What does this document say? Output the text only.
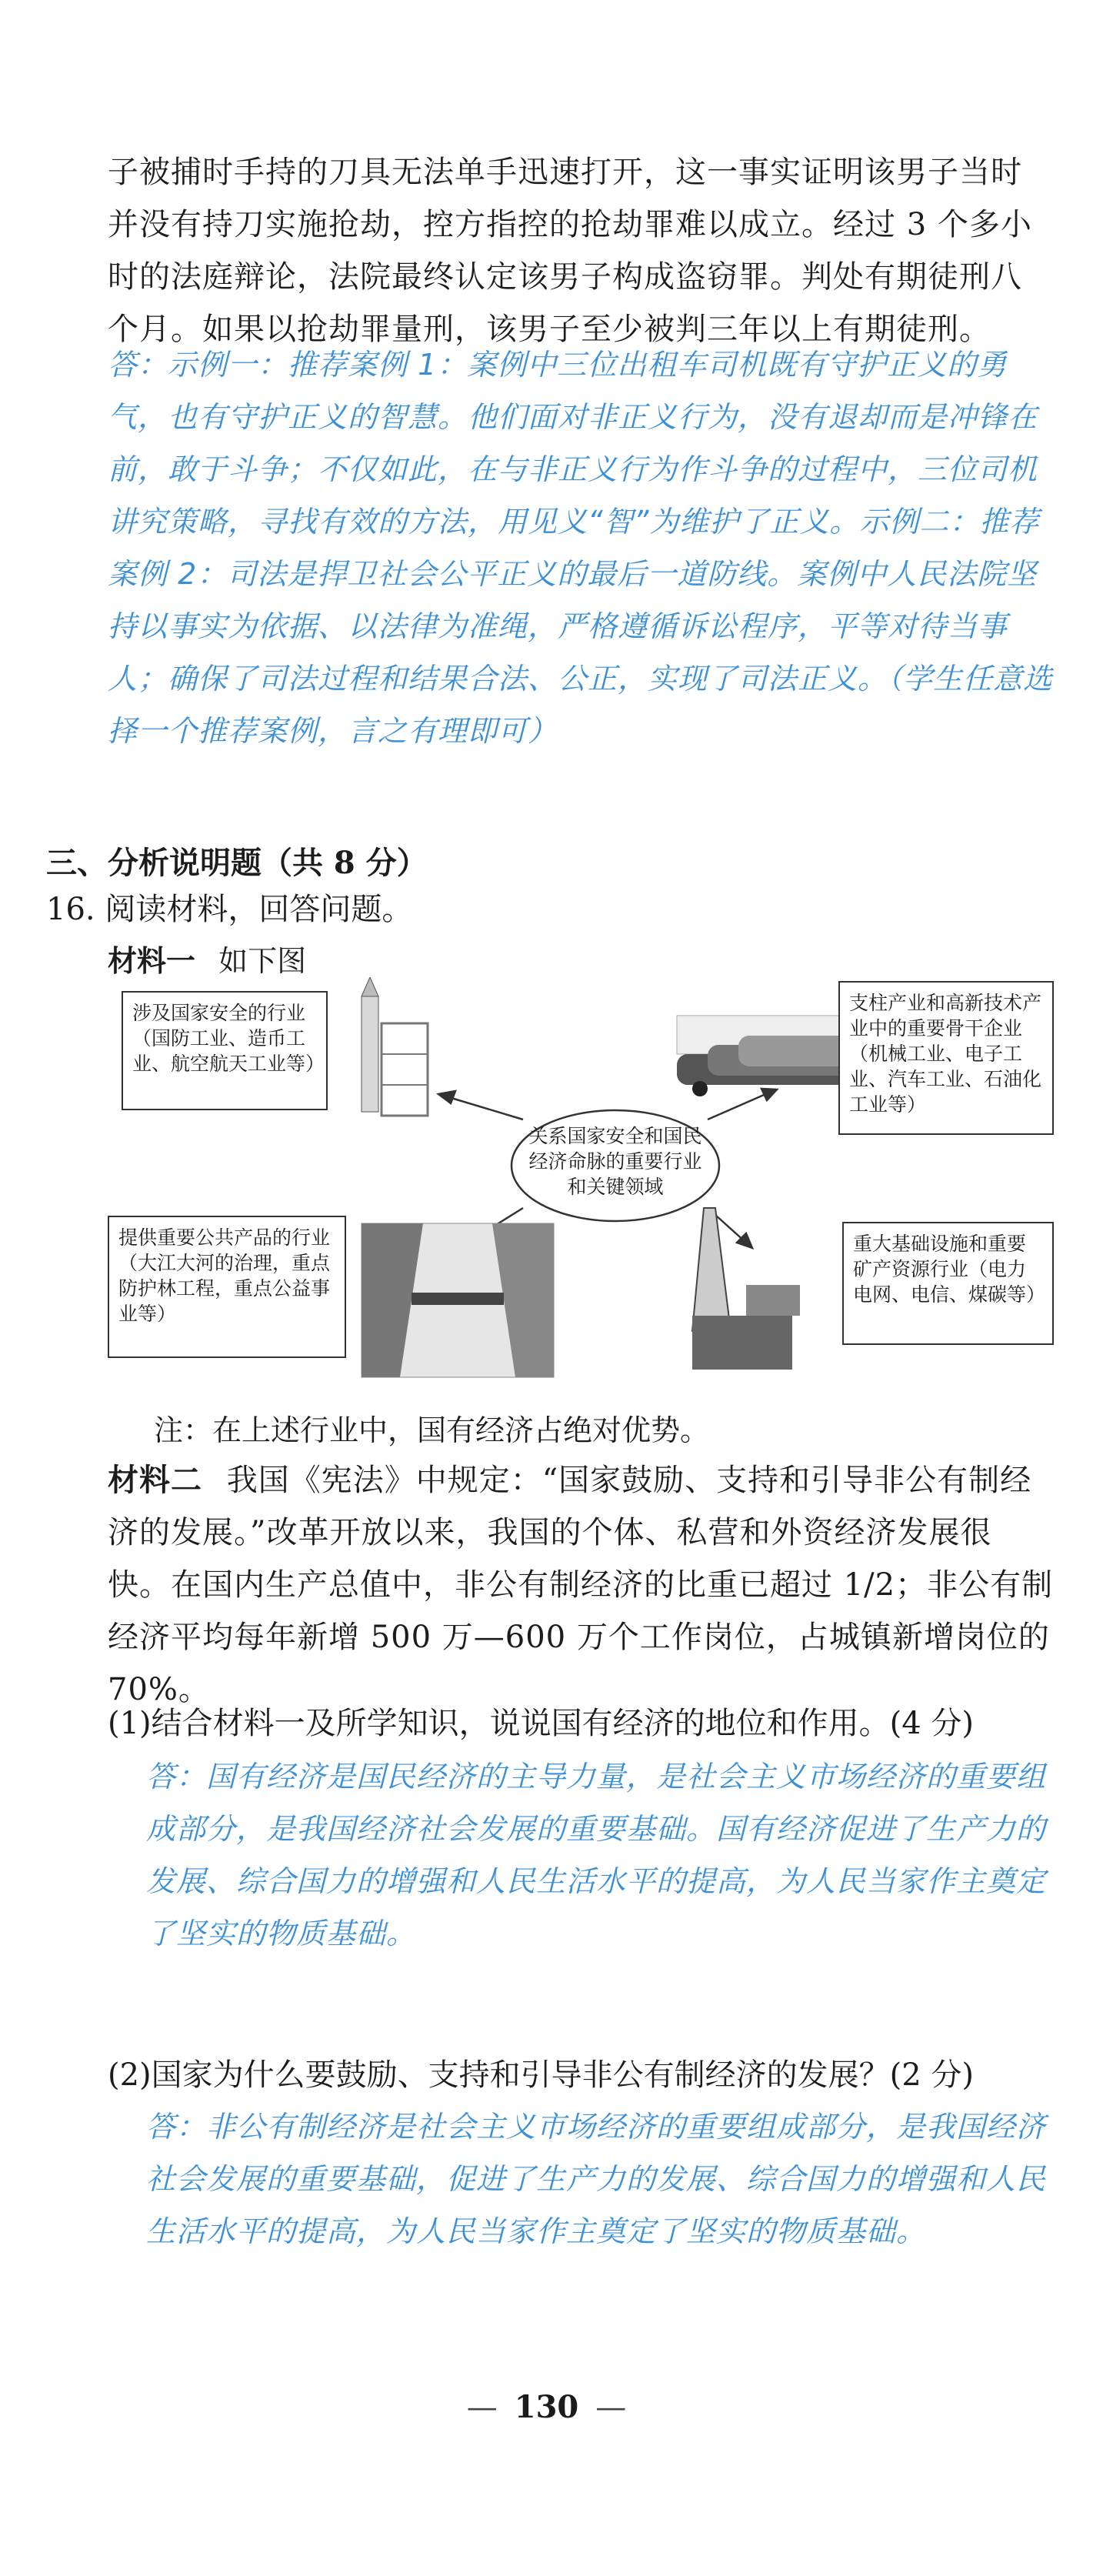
子被捕时手持的刀具无法单手迅速打开，这一事实证明该男子当时并没有持刀实施抢劫，控方指控的抢劫罪难以成立。经过 3 个多小时的法庭辩论，法院最终认定该男子构成盗窃罪。判处有期徒刑八个月。如果以抢劫罪量刑，该男子至少被判三年以上有期徒刑。
答：示例一：推荐案例 1：案例中三位出租车司机既有守护正义的勇气，也有守护正义的智慧。他们面对非正义行为，没有退却而是冲锋在前，敢于斗争；不仅如此，在与非正义行为作斗争的过程中，三位司机讲究策略，寻找有效的方法，用见义“智”为维护了正义。示例二：推荐案例 2：司法是捍卫社会公平正义的最后一道防线。案例中人民法院坚持以事实为依据、以法律为准绳，严格遵循诉讼程序，平等对待当事人；确保了司法过程和结果合法、公正，实现了司法正义。（学生任意选择一个推荐案例，言之有理即可）
三、分析说明题（共 8 分）
16. 阅读材料，回答问题。
材料一 如下图
涉及国家安全的行业（国防工业、造币工业、航空航天工业等）
支柱产业和高新技术产业中的重要骨干企业（机械工业、电子工业、汽车工业、石油化工业等）
提供重要公共产品的行业（大江大河的治理，重点防护林工程，重点公益事业等）
重大基础设施和重要矿产资源行业（电力电网、电信、煤碳等）
关系国家安全和国民经济命脉的重要行业和关键领域
注：在上述行业中，国有经济占绝对优势。
材料二 我国《宪法》中规定：“国家鼓励、支持和引导非公有制经济的发展。”改革开放以来，我国的个体、私营和外资经济发展很快。在国内生产总值中，非公有制经济的比重已超过 1/2；非公有制经济平均每年新增 500 万—600 万个工作岗位，占城镇新增岗位的 70%。
(1)结合材料一及所学知识，说说国有经济的地位和作用。(4 分)
答：国有经济是国民经济的主导力量，是社会主义市场经济的重要组成部分，是我国经济社会发展的重要基础。国有经济促进了生产力的发展、综合国力的增强和人民生活水平的提高，为人民当家作主奠定了坚实的物质基础。
(2)国家为什么要鼓励、支持和引导非公有制经济的发展？(2 分)
答：非公有制经济是社会主义市场经济的重要组成部分，是我国经济社会发展的重要基础，促进了生产力的发展、综合国力的增强和人民生活水平的提高，为人民当家作主奠定了坚实的物质基础。
— 130 —
